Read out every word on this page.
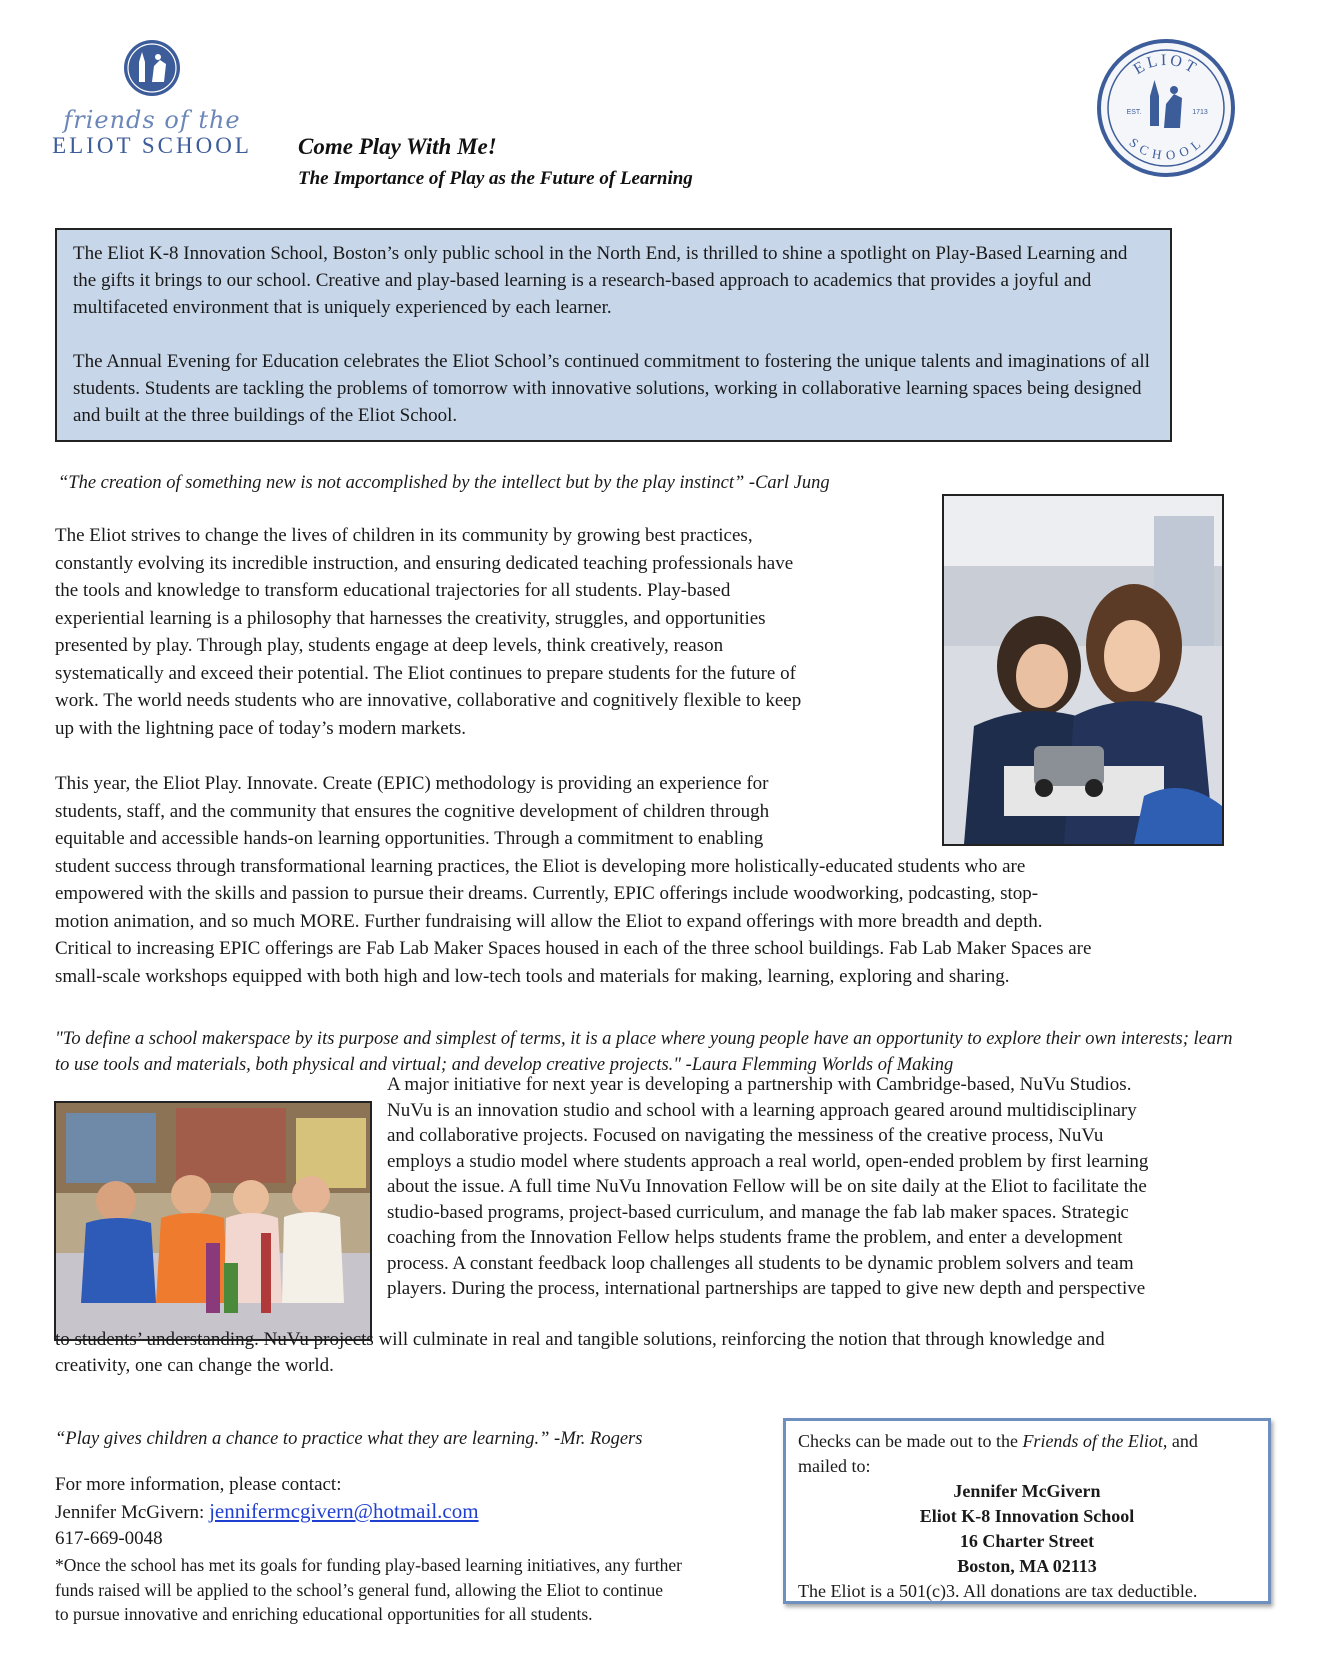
friends of the
ELIOT SCHOOL Come Play With Me!
The Importance of Play as the Future of Learning
ELIOT
SCHOOL
EST.	1713

The Eliot K-8 Innovation School, Boston’s only public school in the North End, is thrilled to shine a spotlight on Play-Based Learning and the gifts it brings to our school. Creative and play-based learning is a research-based approach to academics that provides a joyful and multifaceted environment that is uniquely experienced by each learner.

The Annual Evening for Education celebrates the Eliot School’s continued commitment to fostering the unique talents and imaginations of all students. Students are tackling the problems of tomorrow with innovative solutions, working in collaborative learning spaces being designed and built at the three buildings of the Eliot School.

“The creation of something new is not accomplished by the intellect but by the play instinct” -Carl Jung
The Eliot strives to change the lives of children in its community by growing best practices,
constantly evolving its incredible instruction, and ensuring dedicated teaching professionals have
the tools and knowledge to transform educational trajectories for all students. Play-based
experiential learning is a philosophy that harnesses the creativity, struggles, and opportunities
presented by play. Through play, students engage at deep levels, think creatively, reason
systematically and exceed their potential. The Eliot continues to prepare students for the future of
work. The world needs students who are innovative, collaborative and cognitively flexible to keep
up with the lightning pace of today’s modern markets.
This year, the Eliot Play. Innovate. Create (EPIC) methodology is providing an experience for
students, staff, and the community that ensures the cognitive development of children through
equitable and accessible hands-on learning opportunities. Through a commitment to enabling
student success through transformational learning practices, the Eliot is developing more holistically-educated students who are
empowered with the skills and passion to pursue their dreams. Currently, EPIC offerings include woodworking, podcasting, stop-
motion animation, and so much MORE. Further fundraising will allow the Eliot to expand offerings with more breadth and depth.
Critical to increasing EPIC offerings are Fab Lab Maker Spaces housed in each of the three school buildings. Fab Lab Maker Spaces are
small-scale workshops equipped with both high and low-tech tools and materials for making, learning, exploring and sharing.
"To define a school makerspace by its purpose and simplest of terms, it is a place where young people have an opportunity to explore their own interests; learn to use tools and materials, both physical and virtual; and develop creative projects." -Laura Flemming Worlds of Making
A major initiative for next year is developing a partnership with Cambridge-based, NuVu Studios.
NuVu is an innovation studio and school with a learning approach geared around multidisciplinary
and collaborative projects. Focused on navigating the messiness of the creative process, NuVu
employs a studio model where students approach a real world, open-ended problem by first learning
about the issue. A full time NuVu Innovation Fellow will be on site daily at the Eliot to facilitate the
studio-based programs, project-based curriculum, and manage the fab lab maker spaces. Strategic
coaching from the Innovation Fellow helps students frame the problem, and enter a development
process. A constant feedback loop challenges all students to be dynamic problem solvers and team
players. During the process, international partnerships are tapped to give new depth and perspective
to students’ understanding. NuVu projects will culminate in real and tangible solutions, reinforcing the notion that through knowledge and
creativity, one can change the world.
“Play gives children a chance to practice what they are learning.” -Mr. Rogers
For more information, please contact:
Jennifer McGivern: jennifermcgivern@hotmail.com
617-669-0048
*Once the school has met its goals for funding play-based learning initiatives, any further
funds raised will be applied to the school’s general fund, allowing the Eliot to continue
to pursue innovative and enriching educational opportunities for all students.
Checks can be made out to the Friends of the Eliot, and
mailed to:
Jennifer McGivern
Eliot K-8 Innovation School
16 Charter Street
Boston, MA 02113
The Eliot is a 501(c)3. All donations are tax deductible.
